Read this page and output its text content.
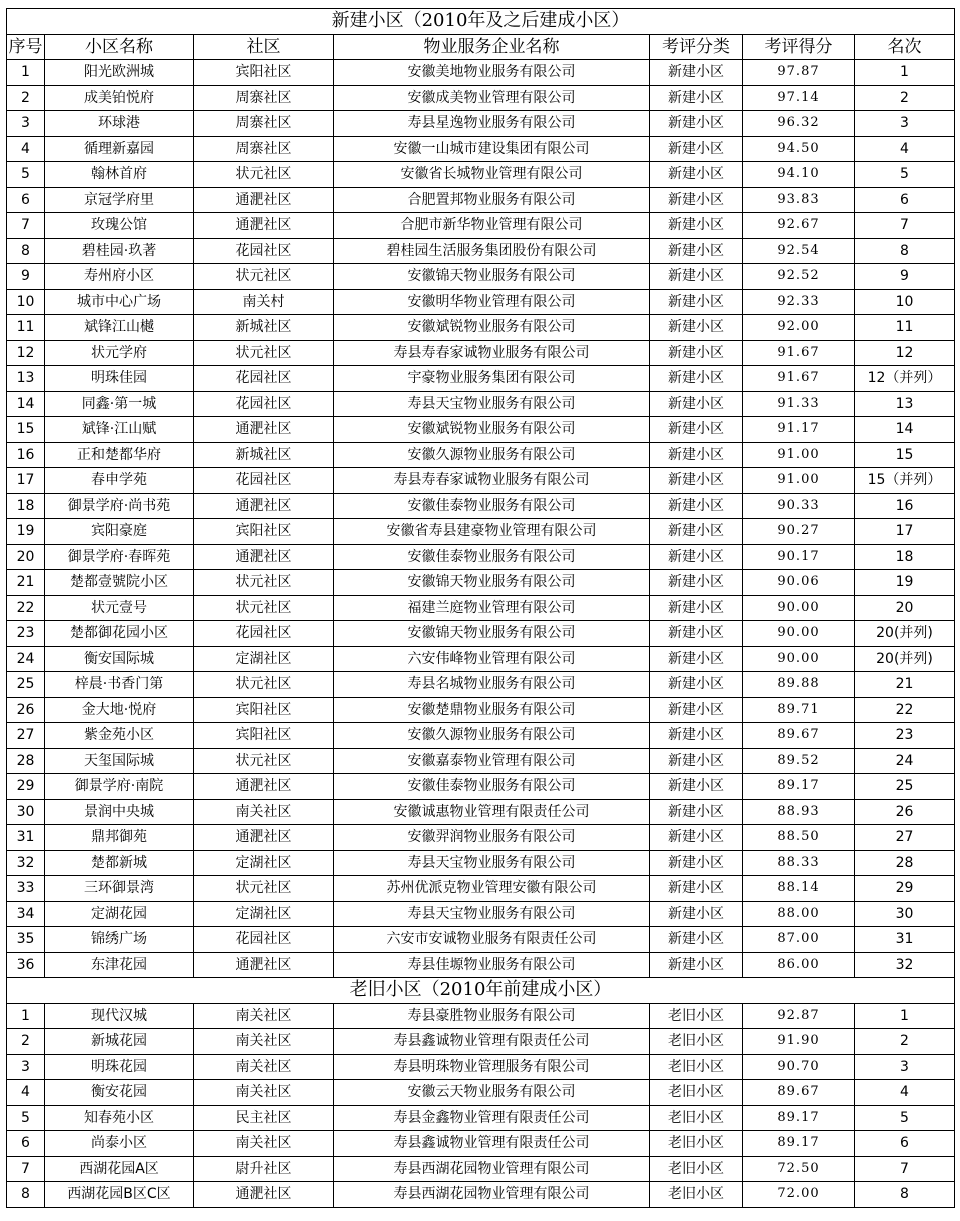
新建小区（2010年及之后建成小区）						
序号	小区名称	社区	物业服务企业名称	考评分类	考评得分	名次
1	阳光欧洲城	宾阳社区	安徽美地物业服务有限公司	新建小区	97.87	1
2	成美铂悦府	周寨社区	安徽成美物业管理有限公司	新建小区	97.14	2
3	环球港	周寨社区	寿县星逸物业服务有限公司	新建小区	96.32	3
4	循理新嘉园	周寨社区	安徽一山城市建设集团有限公司	新建小区	94.50	4
5	翰林首府	状元社区	安徽省长城物业管理有限公司	新建小区	94.10	5
6	京冠学府里	通淝社区	合肥置邦物业服务有限公司	新建小区	93.83	6
7	玫瑰公馆	通淝社区	合肥市新华物业管理有限公司	新建小区	92.67	7
8	碧桂园·玖著	花园社区	碧桂园生活服务集团股份有限公司	新建小区	92.54	8
9	寿州府小区	状元社区	安徽锦天物业服务有限公司	新建小区	92.52	9
10	城市中心广场	南关村	安徽明华物业管理有限公司	新建小区	92.33	10
11	斌锋江山樾	新城社区	安徽斌锐物业服务有限公司	新建小区	92.00	11
12	状元学府	状元社区	寿县寿春家诚物业服务有限公司	新建小区	91.67	12
13	明珠佳园	花园社区	宇豪物业服务集团有限公司	新建小区	91.67	12（并列）
14	同鑫·第一城	花园社区	寿县天宝物业服务有限公司	新建小区	91.33	13
15	斌锋·江山赋	通淝社区	安徽斌锐物业服务有限公司	新建小区	91.17	14
16	正和楚都华府	新城社区	安徽久源物业服务有限公司	新建小区	91.00	15
17	春申学苑	花园社区	寿县寿春家诚物业服务有限公司	新建小区	91.00	15（并列）
18	御景学府·尚书苑	通淝社区	安徽佳泰物业服务有限公司	新建小区	90.33	16
19	宾阳豪庭	宾阳社区	安徽省寿县建豪物业管理有限公司	新建小区	90.27	17
20	御景学府·春晖苑	通淝社区	安徽佳泰物业服务有限公司	新建小区	90.17	18
21	楚都壹號院小区	状元社区	安徽锦天物业服务有限公司	新建小区	90.06	19
22	状元壹号	状元社区	福建兰庭物业管理有限公司	新建小区	90.00	20
23	楚都御花园小区	花园社区	安徽锦天物业服务有限公司	新建小区	90.00	20(并列)
24	衡安国际城	定湖社区	六安伟峰物业管理有限公司	新建小区	90.00	20(并列)
25	梓晨·书香门第	状元社区	寿县名城物业服务有限公司	新建小区	89.88	21
26	金大地·悦府	宾阳社区	安徽楚鼎物业服务有限公司	新建小区	89.71	22
27	紫金苑小区	宾阳社区	安徽久源物业服务有限公司	新建小区	89.67	23
28	天玺国际城	状元社区	安徽嘉泰物业管理有限公司	新建小区	89.52	24
29	御景学府·南院	通淝社区	安徽佳泰物业服务有限公司	新建小区	89.17	25
30	景润中央城	南关社区	安徽诚惠物业管理有限责任公司	新建小区	88.93	26
31	鼎邦御苑	通淝社区	安徽羿润物业服务有限公司	新建小区	88.50	27
32	楚都新城	定湖社区	寿县天宝物业服务有限公司	新建小区	88.33	28
33	三环御景湾	状元社区	苏州优派克物业管理安徽有限公司	新建小区	88.14	29
34	定湖花园	定湖社区	寿县天宝物业服务有限公司	新建小区	88.00	30
35	锦绣广场	花园社区	六安市安诚物业服务有限责任公司	新建小区	87.00	31
36	东津花园	通淝社区	寿县佳塬物业服务有限公司	新建小区	86.00	32
老旧小区（2010年前建成小区）						
1	现代汉城	南关社区	寿县豪胜物业服务有限公司	老旧小区	92.87	1
2	新城花园	南关社区	寿县鑫诚物业管理有限责任公司	老旧小区	91.90	2
3	明珠花园	南关社区	寿县明珠物业管理服务有限公司	老旧小区	90.70	3
4	衡安花园	南关社区	安徽云天物业服务有限公司	老旧小区	89.67	4
5	知春苑小区	民主社区	寿县金鑫物业管理有限责任公司	老旧小区	89.17	5
6	尚泰小区	南关社区	寿县鑫诚物业管理有限责任公司	老旧小区	89.17	6
7	西湖花园A区	尉升社区	寿县西湖花园物业管理有限公司	老旧小区	72.50	7
8	西湖花园B区C区	通淝社区	寿县西湖花园物业管理有限公司	老旧小区	72.00	8
